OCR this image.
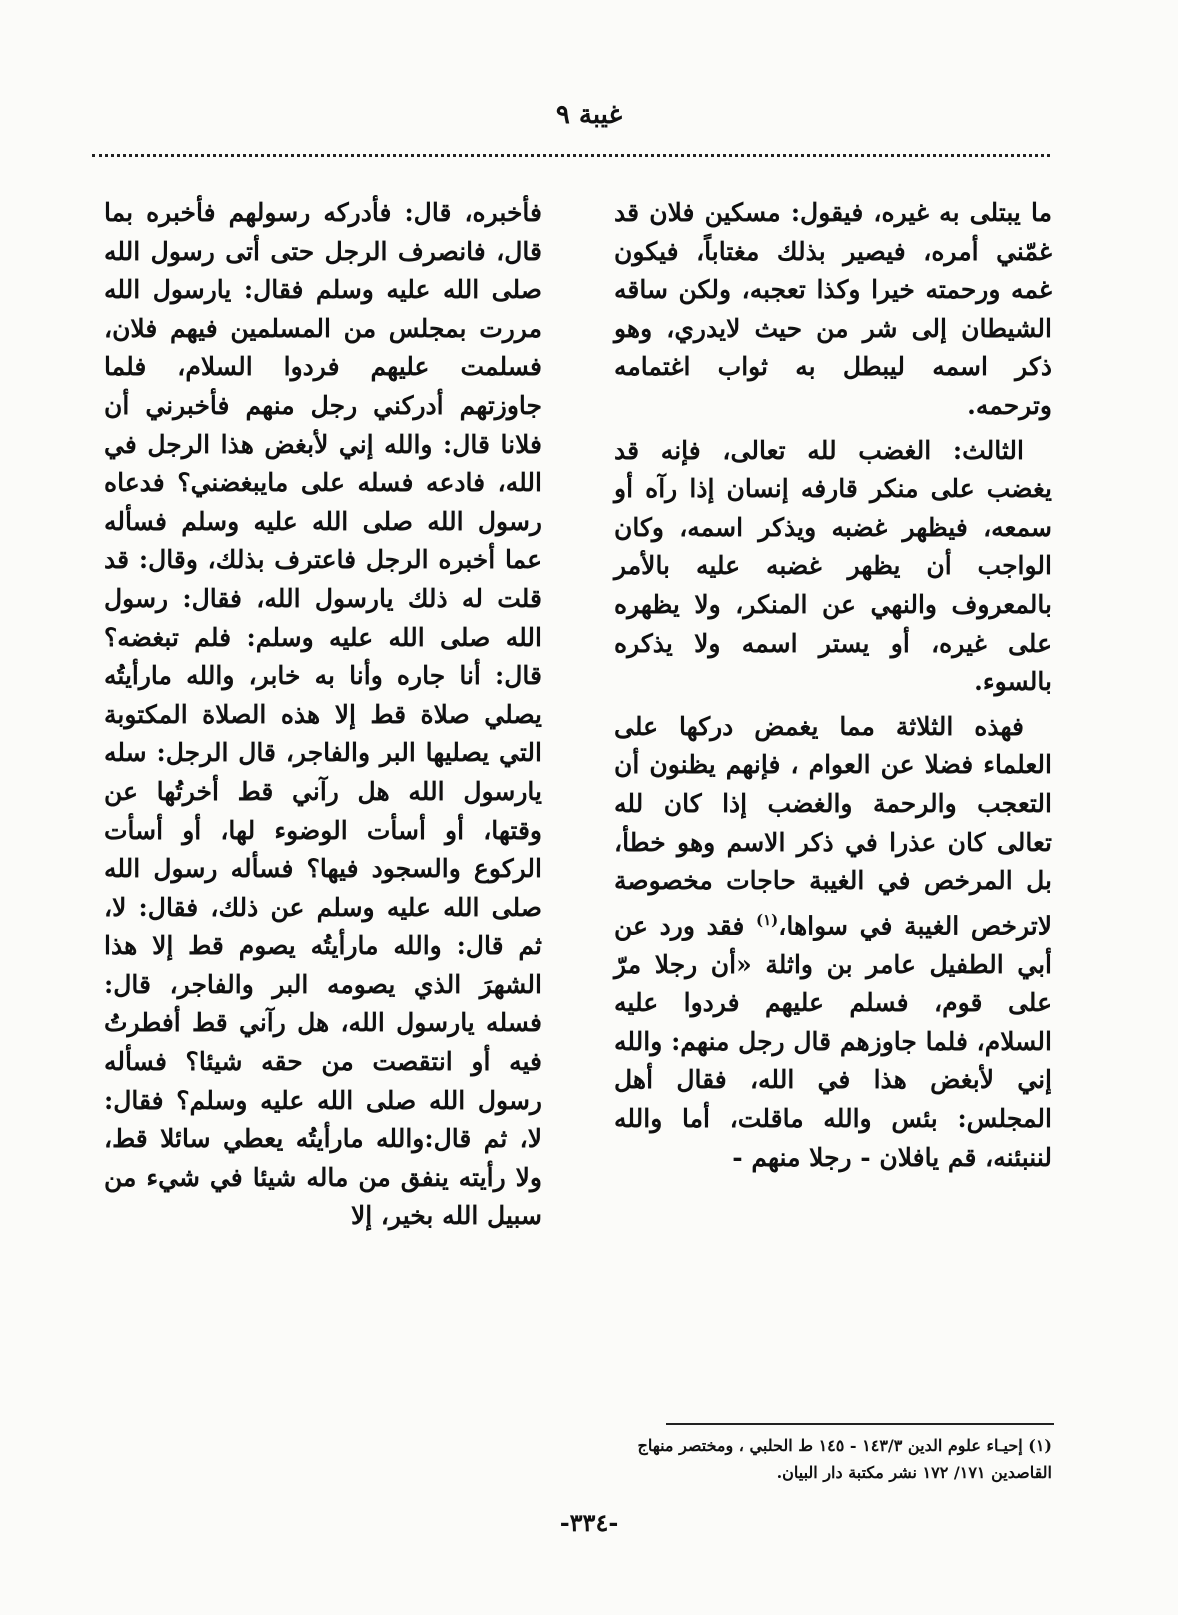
غيبة ٩

ما يبتلى به غيره، فيقول: مسكين فلان قد غمّني أمره، فيصير بذلك مغتاباً، فيكون غمه ورحمته خيرا وكذا تعجبه، ولكن ساقه الشيطان إلى شر من حيث لايدري، وهو ذكر اسمه ليبطل به ثواب اغتمامه وترحمه.

الثالث: الغضب لله تعالى، فإنه قد يغضب على منكر قارفه إنسان إذا رآه أو سمعه، فيظهر غضبه ويذكر اسمه، وكان الواجب أن يظهر غضبه عليه بالأمر بالمعروف والنهي عن المنكر، ولا يظهره على غيره، أو يستر اسمه ولا يذكره بالسوء.

فهذه الثلاثة مما يغمض دركها على العلماء فضلا عن العوام ، فإنهم يظنون أن التعجب والرحمة والغضب إذا كان لله تعالى كان عذرا في ذكر الاسم وهو خطأ، بل المرخص في الغيبة حاجات مخصوصة لاترخص الغيبة في سواها،$^{(١)}$ فقد ورد عن أبي الطفيل عامر بن واثلة «أن رجلا مرّ على قوم، فسلم عليهم فردوا عليه السلام، فلما جاوزهم قال رجل منهم: والله إني لأبغض هذا في الله، فقال أهل المجلس: بئس والله ماقلت، أما والله لننبئنه، قم يافلان - رجلا منهم -

فأخبره، قال: فأدركه رسولهم فأخبره بما قال، فانصرف الرجل حتى أتى رسول الله صلى الله عليه وسلم فقال: يارسول الله مررت بمجلس من المسلمين فيهم فلان، فسلمت عليهم فردوا السلام، فلما جاوزتهم أدركني رجل منهم فأخبرني أن فلانا قال: والله إني لأبغض هذا الرجل في الله، فادعه فسله على مايبغضني؟ فدعاه رسول الله صلى الله عليه وسلم فسأله عما أخبره الرجل فاعترف بذلك، وقال: قد قلت له ذلك يارسول الله، فقال: رسول الله صلى الله عليه وسلم: فلم تبغضه؟ قال: أنا جاره وأنا به خابر، والله مارأيتُه يصلي صلاة قط إلا هذه الصلاة المكتوبة التي يصليها البر والفاجر، قال الرجل: سله يارسول الله هل رآني قط أخرتُها عن وقتها، أو أسأت الوضوء لها، أو أسأت الركوع والسجود فيها؟ فسأله رسول الله صلى الله عليه وسلم عن ذلك، فقال: لا، ثم قال: والله مارأيتُه يصوم قط إلا هذا الشهرَ الذي يصومه البر والفاجر، قال: فسله يارسول الله، هل رآني قط أفطرتُ فيه أو انتقصت من حقه شيئا؟ فسأله رسول الله صلى الله عليه وسلم؟ فقال: لا، ثم قال:والله مارأيتُه يعطي سائلا قط، ولا رأيته ينفق من ماله شيئا في شيء من سبيل الله بخير، إلا

(١) إحيـاء علوم الدين ١٤٣/٣ - ١٤٥ ط الحلبي ، ومختصر منهاج القاصدين ١٧١/ ١٧٢ نشر مكتبة دار البيان.
-٣٣٤-
